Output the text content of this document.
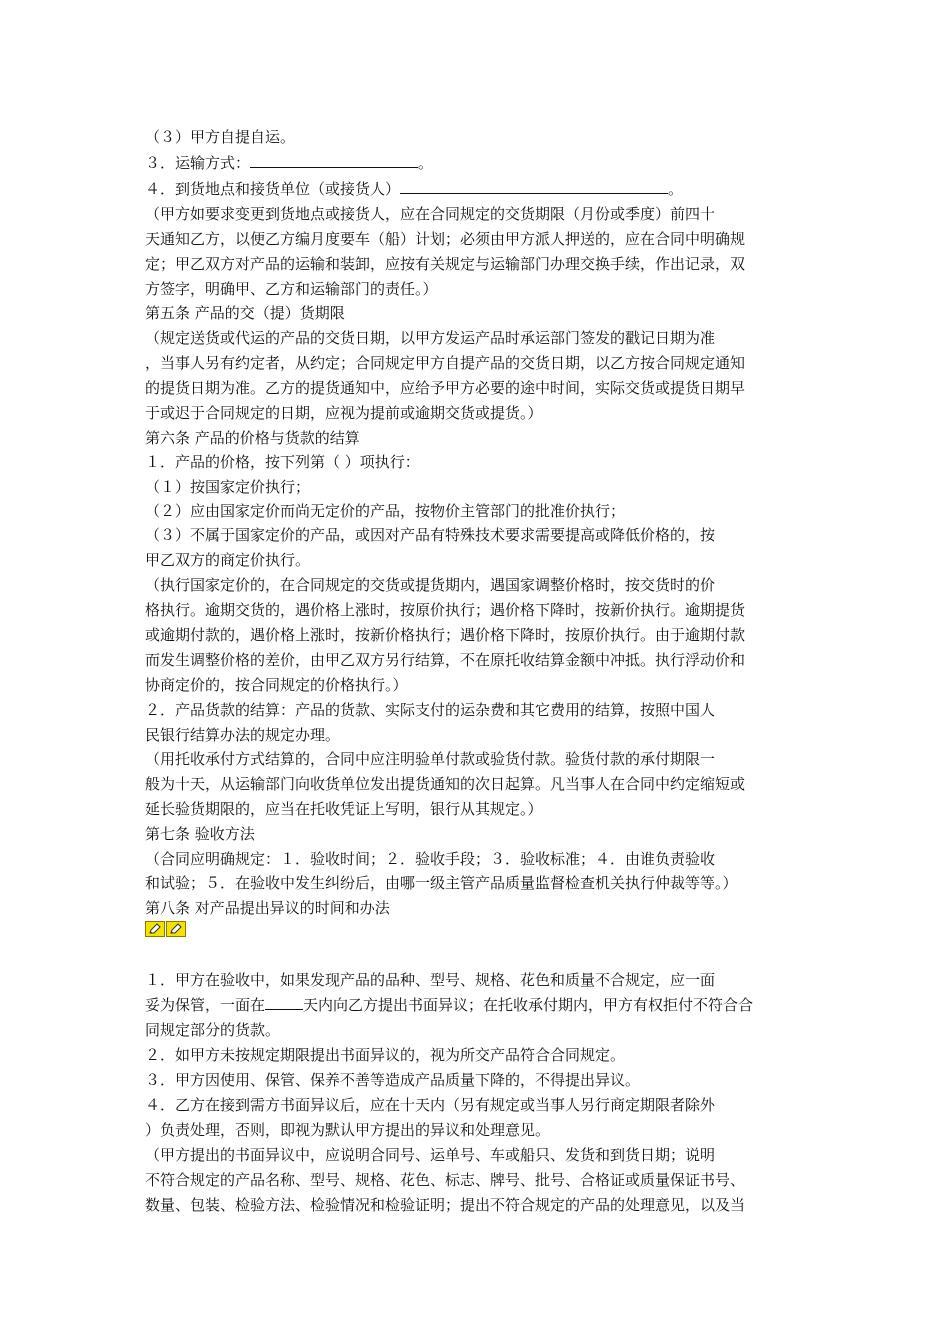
（３）甲方自提自运。
３．运输方式：	。
４．到货地点和接货单位（或接货人）	。
（甲方如要求变更到货地点或接货人，应在合同规定的交货期限（月份或季度）前四十
天通知乙方，以便乙方编月度要车（船）计划；必须由甲方派人押送的，应在合同中明确规
定；甲乙双方对产品的运输和装卸，应按有关规定与运输部门办理交换手续，作出记录，双
方签字，明确甲、乙方和运输部门的责任。）
第五条 产品的交（提）货期限
（规定送货或代运的产品的交货日期，以甲方发运产品时承运部门签发的戳记日期为准
，当事人另有约定者，从约定；合同规定甲方自提产品的交货日期，以乙方按合同规定通知
的提货日期为准。乙方的提货通知中，应给予甲方必要的途中时间，实际交货或提货日期早
于或迟于合同规定的日期，应视为提前或逾期交货或提货。）
第六条 产品的价格与货款的结算
１．产品的价格，按下列第（ ）项执行：
（１）按国家定价执行；
（２）应由国家定价而尚无定价的产品，按物价主管部门的批准价执行；
（３）不属于国家定价的产品，或因对产品有特殊技术要求需要提高或降低价格的，按
甲乙双方的商定价执行。
（执行国家定价的，在合同规定的交货或提货期内，遇国家调整价格时，按交货时的价
格执行。逾期交货的，遇价格上涨时，按原价执行；遇价格下降时，按新价执行。逾期提货
或逾期付款的，遇价格上涨时，按新价格执行；遇价格下降时，按原价执行。由于逾期付款
而发生调整价格的差价，由甲乙双方另行结算，不在原托收结算金额中冲抵。执行浮动价和
协商定价的，按合同规定的价格执行。）
２．产品货款的结算：产品的货款、实际支付的运杂费和其它费用的结算，按照中国人
民银行结算办法的规定办理。
（用托收承付方式结算的，合同中应注明验单付款或验货付款。验货付款的承付期限一
般为十天，从运输部门向收货单位发出提货通知的次日起算。凡当事人在合同中约定缩短或
延长验货期限的，应当在托收凭证上写明，银行从其规定。）
第七条 验收方法
（合同应明确规定：１．验收时间；２．验收手段；３．验收标准；４．由谁负责验收
和试验；５．在验收中发生纠纷后，由哪一级主管产品质量监督检查机关执行仲裁等等。）
第八条 对产品提出异议的时间和办法
１．甲方在验收中，如果发现产品的品种、型号、规格、花色和质量不合规定，应一面
妥为保管，一面在	天内向乙方提出书面异议；在托收承付期内，甲方有权拒付不符合合
同规定部分的货款。
２．如甲方未按规定期限提出书面异议的，视为所交产品符合合同规定。
３．甲方因使用、保管、保养不善等造成产品质量下降的，不得提出异议。
４．乙方在接到需方书面异议后，应在十天内（另有规定或当事人另行商定期限者除外
）负责处理，否则，即视为默认甲方提出的异议和处理意见。
（甲方提出的书面异议中，应说明合同号、运单号、车或船只、发货和到货日期；说明
不符合规定的产品名称、型号、规格、花色、标志、牌号、批号、合格证或质量保证书号、
数量、包装、检验方法、检验情况和检验证明；提出不符合规定的产品的处理意见，以及当
